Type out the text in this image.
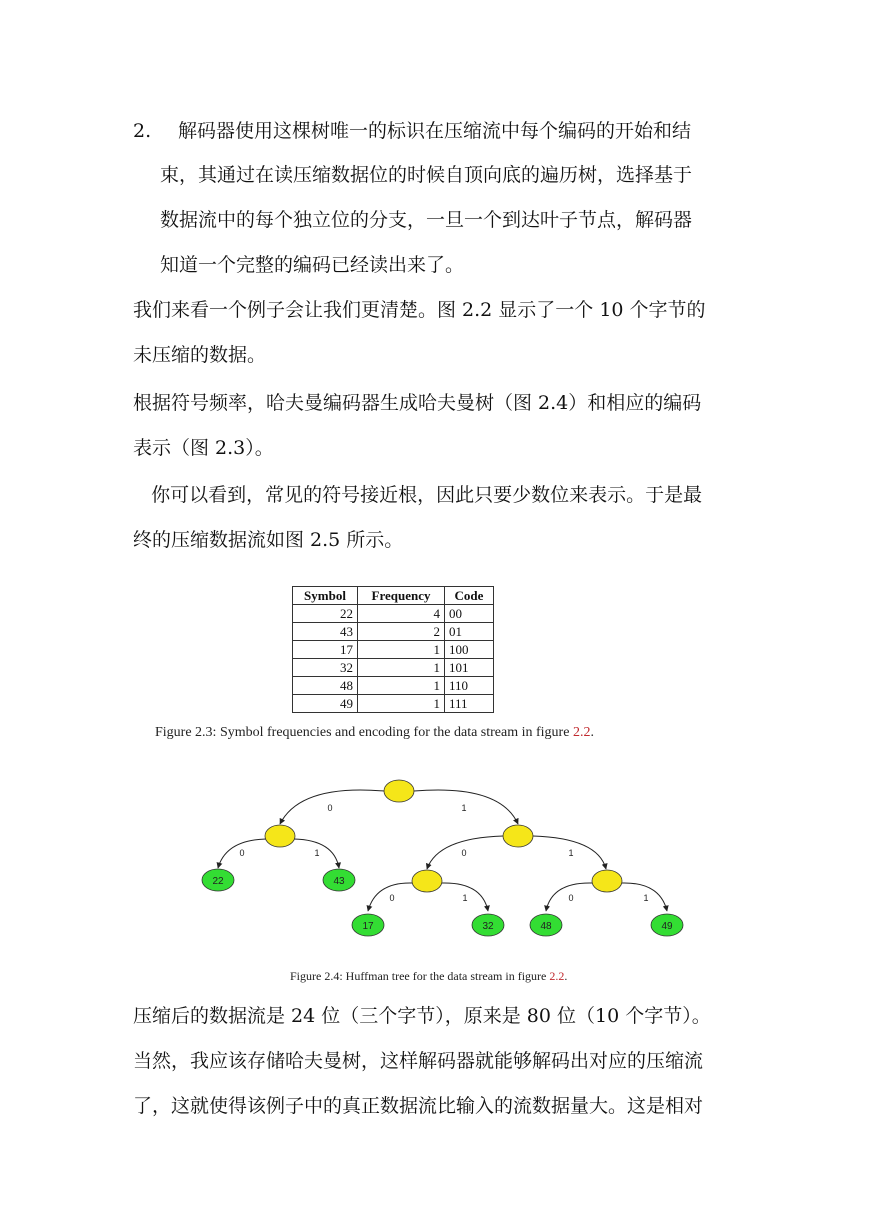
2. 解码器使用这棵树唯一的标识在压缩流中每个编码的开始和结
束，其通过在读压缩数据位的时候自顶向底的遍历树，选择基于
数据流中的每个独立位的分支，一旦一个到达叶子节点，解码器
知道一个完整的编码已经读出来了。
我们来看一个例子会让我们更清楚。图 2.2 显示了一个 10 个字节的
未压缩的数据。
根据符号频率，哈夫曼编码器生成哈夫曼树（图 2.4）和相应的编码
表示（图 2.3）。
你可以看到，常见的符号接近根，因此只要少数位来表示。于是最
终的压缩数据流如图 2.5 所示。
Symbol	Frequency	Code
22	4	00
43	2	01
17	1	100
32	1	101
48	1	110
49	1	111
Figure 2.3: Symbol frequencies and encoding for the data stream in figure 2.2.
0	1
0	1	0	1
0	1	0	1
22	43
17	32	48	49
Figure 2.4: Huffman tree for the data stream in figure 2.2.
压缩后的数据流是 24 位（三个字节），原来是 80 位（10 个字节）。
当然，我应该存储哈夫曼树，这样解码器就能够解码出对应的压缩流
了，这就使得该例子中的真正数据流比输入的流数据量大。这是相对
